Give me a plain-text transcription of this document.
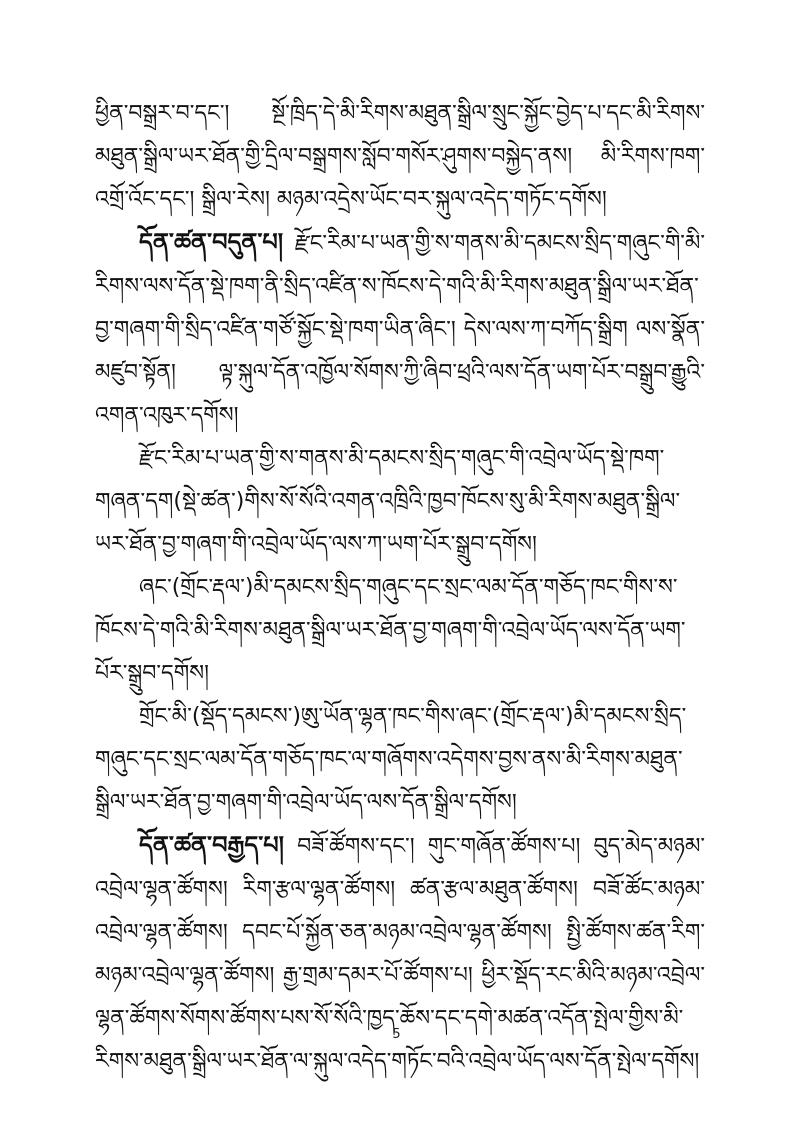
ཕྱིན་བསྒྲར་བ་དང་། སྔོ་ཁྲིད་དེ་མི་རིགས་མཐུན་སྒྲིལ་སྲུང་སྐྱོང་བྱེད་པ་དང་མི་རིགས་མཐུན་སྒྲིལ་ཡར་ཐོན་གྱི་དྲིལ་བསྒྲགས་སློབ་གསོར་ཤུགས་བསྐྱེད་ནས། མི་རིགས་ཁག་འགྲོ་འོང་དང་། སྒྲིལ་རེས། མཉམ་འདྲེས་ཡོང་བར་སྐུལ་འདེད་གཏོང་དགོས།

དོན་ཚན་བདུན་པ། རྫོང་རིམ་པ་ཡན་གྱི་ས་གནས་མི་དམངས་སྲིད་གཞུང་གི་མི་རིགས་ལས་དོན་སྡེ་ཁག་ནི་སྲིད་འཛིན་ས་ཁོངས་དེ་གའི་མི་རིགས་མཐུན་སྒྲིལ་ཡར་ཐོན་བྱ་གཞག་གི་སྲིད་འཛིན་གཙོ་སྐྱོང་སྡེ་ཁག་ཡིན་ཞིང་། དེས་ལས་ཀ་བཀོད་སྒྲིག ལས་སྣོན་མཛུབ་སྟོན། ལྟ་སྐུལ་དོན་འཁྱོལ་སོགས་ཀྱི་ཞིབ་ཕྲའི་ལས་དོན་ཡག་པོར་བསྒྲུབ་རྒྱུའི་འགན་འཁུར་དགོས།

རྫོང་རིམ་པ་ཡན་གྱི་ས་གནས་མི་དམངས་སྲིད་གཞུང་གི་འབྲེལ་ཡོད་སྡེ་ཁག་གཞན་དག(སྡེ་ཚན་)གིས་སོ་སོའི་འགན་འཁྲིའི་ཁྱབ་ཁོངས་སུ་མི་རིགས་མཐུན་སྒྲིལ་ཡར་ཐོན་བྱ་གཞག་གི་འབྲེལ་ཡོད་ལས་ཀ་ཡག་པོར་སྒྲུབ་དགོས།

ཞང་(གྲོང་རྡལ་)མི་དམངས་སྲིད་གཞུང་དང་སྲང་ལམ་དོན་གཅོད་ཁང་གིས་ས་ཁོངས་དེ་གའི་མི་རིགས་མཐུན་སྒྲིལ་ཡར་ཐོན་བྱ་གཞག་གི་འབྲེལ་ཡོད་ལས་དོན་ཡག་པོར་སྒྲུབ་དགོས།

གྲོང་མི་(སྡོད་དམངས་)ཨུ་ཡོན་ལྷན་ཁང་གིས་ཞང་(གྲོང་རྡལ་)མི་དམངས་སྲིད་གཞུང་དང་སྲང་ལམ་དོན་གཅོད་ཁང་ལ་གཞོགས་འདེགས་བྱས་ནས་མི་རིགས་མཐུན་སྒྲིལ་ཡར་ཐོན་བྱ་གཞག་གི་འབྲེལ་ཡོད་ལས་དོན་སྒྲིལ་དགོས།

དོན་ཚན་བརྒྱད་པ། བཟོ་ཚོགས་དང་། གུང་གཞོན་ཚོགས་པ། བུད་མེད་མཉམ་འབྲེལ་ལྷན་ཚོགས། རིག་རྩལ་ལྷན་ཚོགས། ཚན་རྩལ་མཐུན་ཚོགས། བཟོ་ཚོང་མཉམ་འབྲེལ་ལྷན་ཚོགས། དབང་པོ་སྐྱོན་ཅན་མཉམ་འབྲེལ་ལྷན་ཚོགས། སྤྱི་ཚོགས་ཚན་རིག་མཉམ་འབྲེལ་ལྷན་ཚོགས། རྒྱ་གྲམ་དམར་པོ་ཚོགས་པ། ཕྱིར་སྡོད་རང་མིའི་མཉམ་འབྲེལ་ལྷན་ཚོགས་སོགས་ཚོགས་པས་སོ་སོའི་ཁྱད་ཆོས་དང་དགེ་མཚན་འདོན་སྤེལ་གྱིས་མི་རིགས་མཐུན་སྒྲིལ་ཡར་ཐོན་ལ་སྐུལ་འདེད་གཏོང་བའི་འབྲེལ་ཡོད་ལས་དོན་སྤེལ་དགོས།

5
